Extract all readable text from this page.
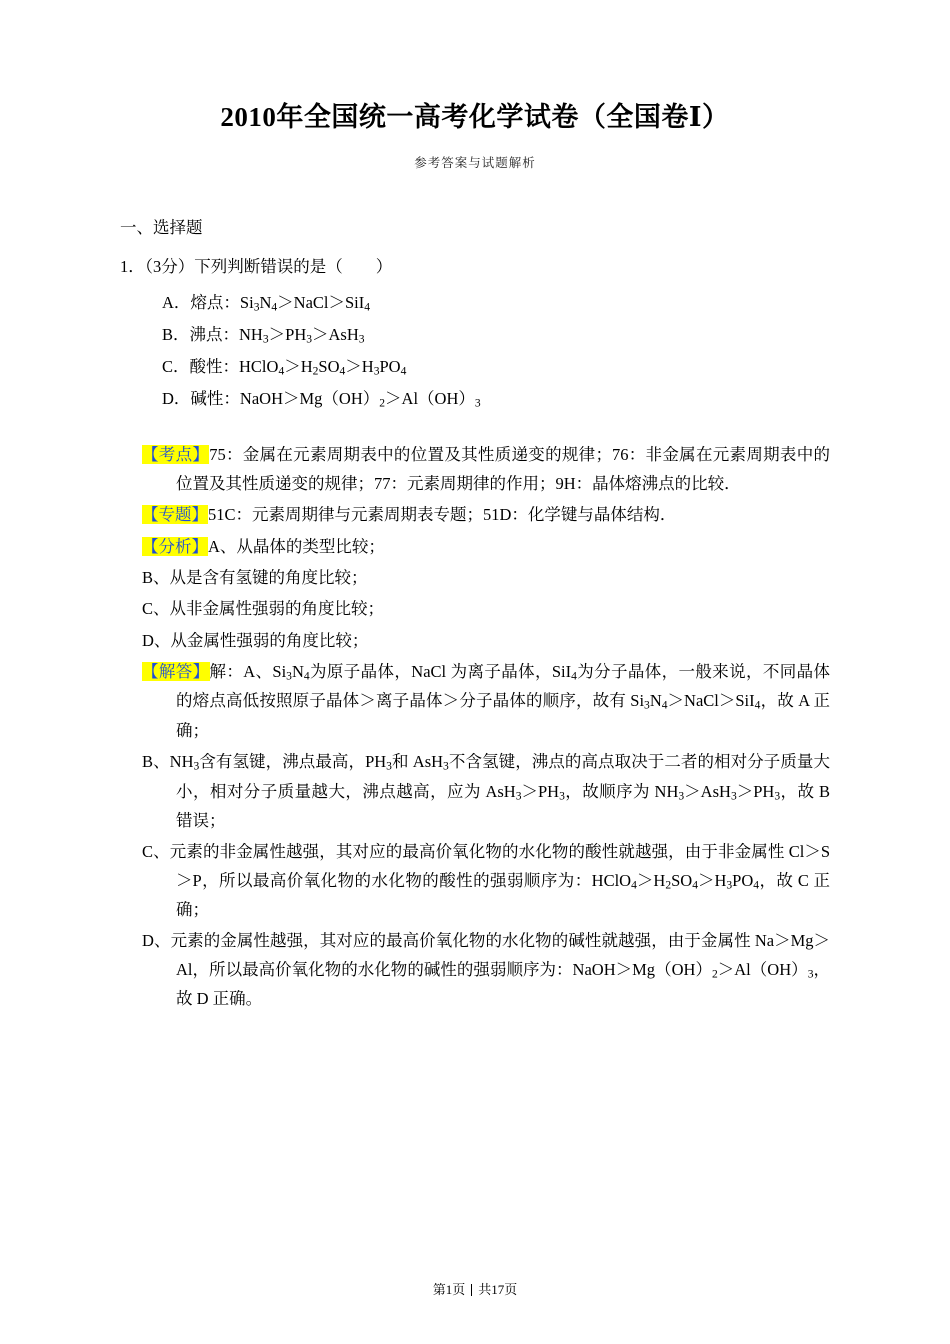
2010年全国统一高考化学试卷（全国卷Ⅰ）
参考答案与试题解析
一、选择题
1．（3分）下列判断错误的是（　　）
A．熔点：$Si_3N_4>NaCl>SiI_4$
B．沸点：$NH_3>PH_3>AsH_3$
C．酸性：$HClO_4>H_2SO_4>H_3PO_4$
D．碱性：$NaOH>Mg(OH)_2>Al(OH)_3$
【考点】75：金属在元素周期表中的位置及其性质递变的规律；76：非金属在元素周期表中的位置及其性质递变的规律；77：元素周期律的作用；9H：晶体熔沸点的比较．
【专题】51C：元素周期律与元素周期表专题；51D：化学键与晶体结构．
【分析】A、从晶体的类型比较；
B、从是含有氢键的角度比较；
C、从非金属性强弱的角度比较；
D、从金属性强弱的角度比较；
【解答】解：A、$Si_3N_4$为原子晶体，NaCl 为离子晶体，SiI$_4$为分子晶体，一般来说，不同晶体的熔点高低按照原子晶体＞离子晶体＞分子晶体的顺序，故有 $Si_3N_4>NaCl>SiI_4$，故 A 正确；
B、$NH_3$含有氢键，沸点最高，$PH_3$和 AsH$_3$不含氢键，沸点的高点取决于二者的相对分子质量大小，相对分子质量越大，沸点越高，应为 $AsH_3>PH_3$，故顺序为 $NH_3>AsH_3>PH_3$，故 B 错误；
C、元素的非金属性越强，其对应的最高价氧化物的水化物的酸性就越强，由于非金属性 Cl＞S＞P，所以最高价氧化物的水化物的酸性的强弱顺序为：$HClO_4>H_2SO_4>H_3PO_4$，故 C 正确；
D、元素的金属性越强，其对应的最高价氧化物的水化物的碱性就越强，由于金属性 Na＞Mg＞Al，所以最高价氧化物的水化物的碱性的强弱顺序为：$NaOH>Mg(OH)_2>Al(OH)_3$，故 D 正确。
第1页 共17页
